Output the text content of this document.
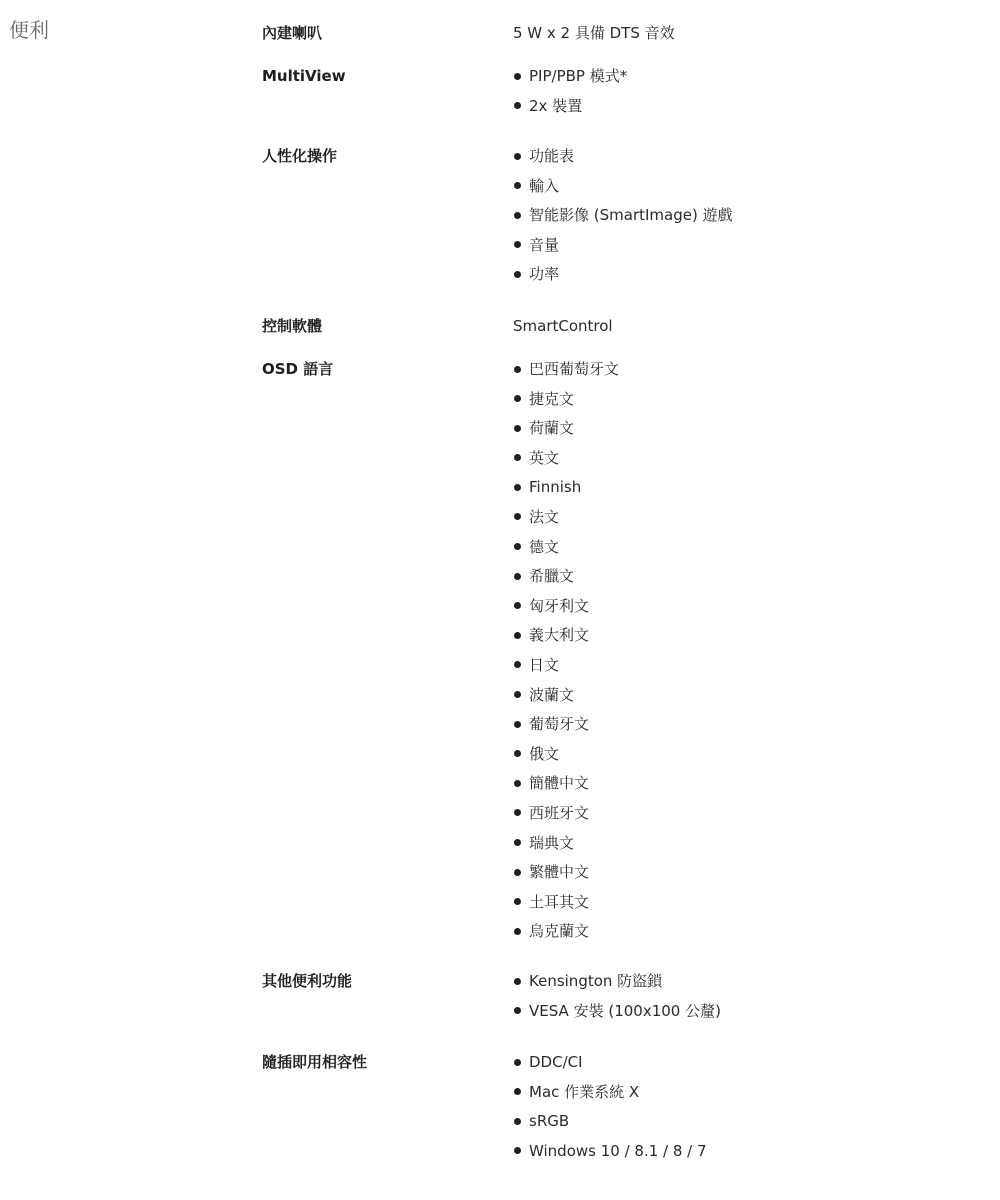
便利	內建喇叭	5 W x 2 具備 DTS 音效
MultiView	PIP/PBP 模式*
2x 裝置
人性化操作	功能表
輸入
智能影像 (SmartImage) 遊戲
音量
功率
控制軟體	SmartControl
OSD 語言	巴西葡萄牙文
捷克文
荷蘭文
英文
Finnish
法文
德文
希臘文
匈牙利文
義大利文
日文
波蘭文
葡萄牙文
俄文
簡體中文
西班牙文
瑞典文
繁體中文
土耳其文
烏克蘭文
其他便利功能	Kensington 防盜鎖
VESA 安裝 (100x100 公釐)
隨插即用相容性	DDC/CI
Mac 作業系統 X
sRGB
Windows 10 / 8.1 / 8 / 7
